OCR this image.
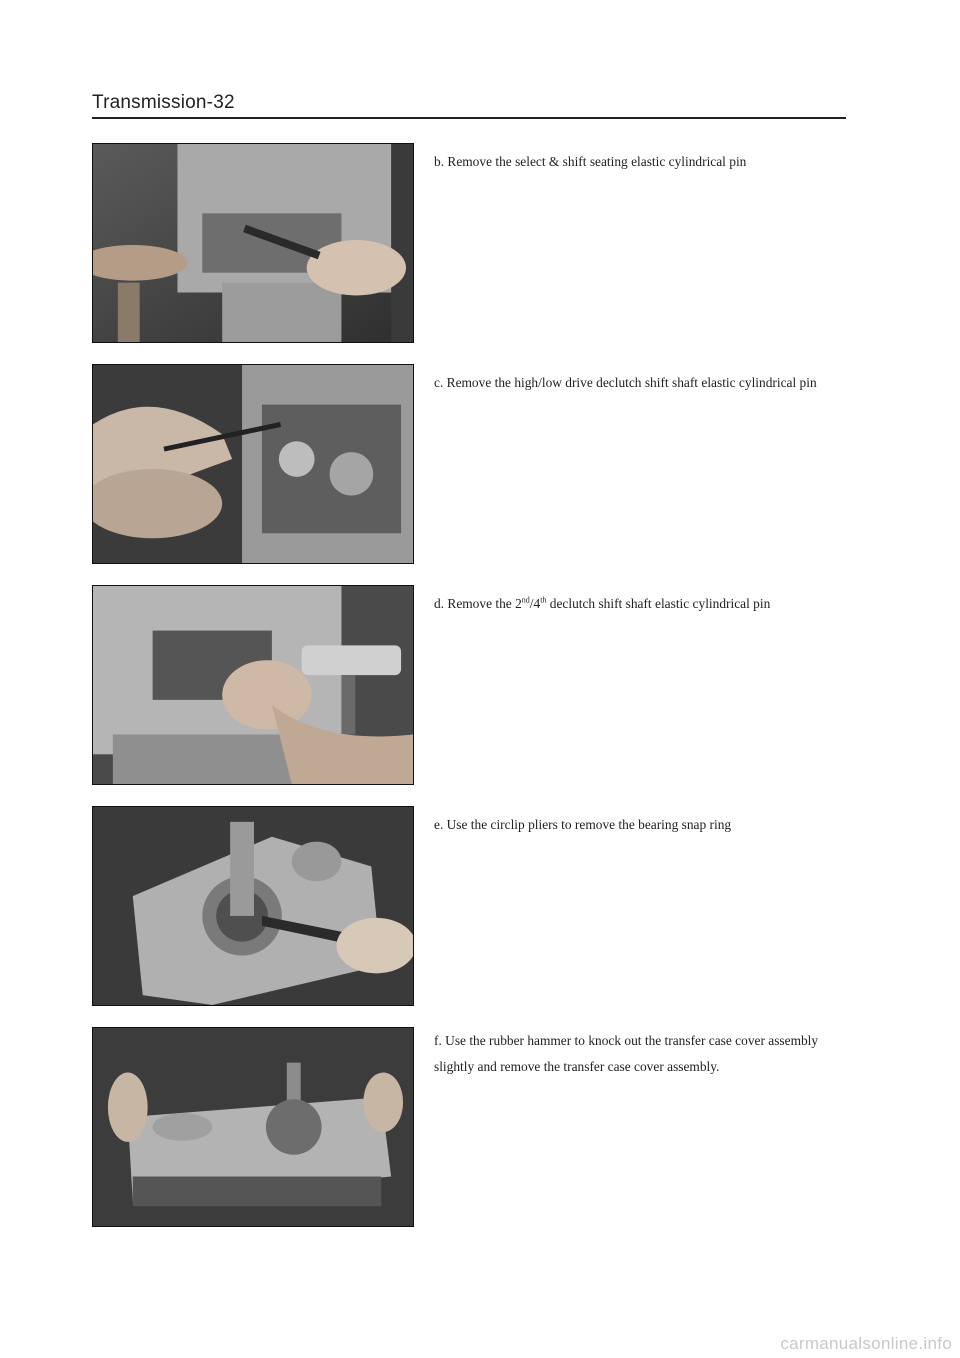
Transmission-32
b. Remove the select & shift seating elastic cylindrical pin
c. Remove the high/low drive declutch shift shaft elastic cylindrical pin
d. Remove the 2nd/4th declutch shift shaft elastic cylindrical pin
e. Use the circlip pliers to remove the bearing snap ring
f. Use the rubber hammer to knock out the transfer case cover assembly
slightly and remove the transfer case cover assembly.
carmanualsonline.info
